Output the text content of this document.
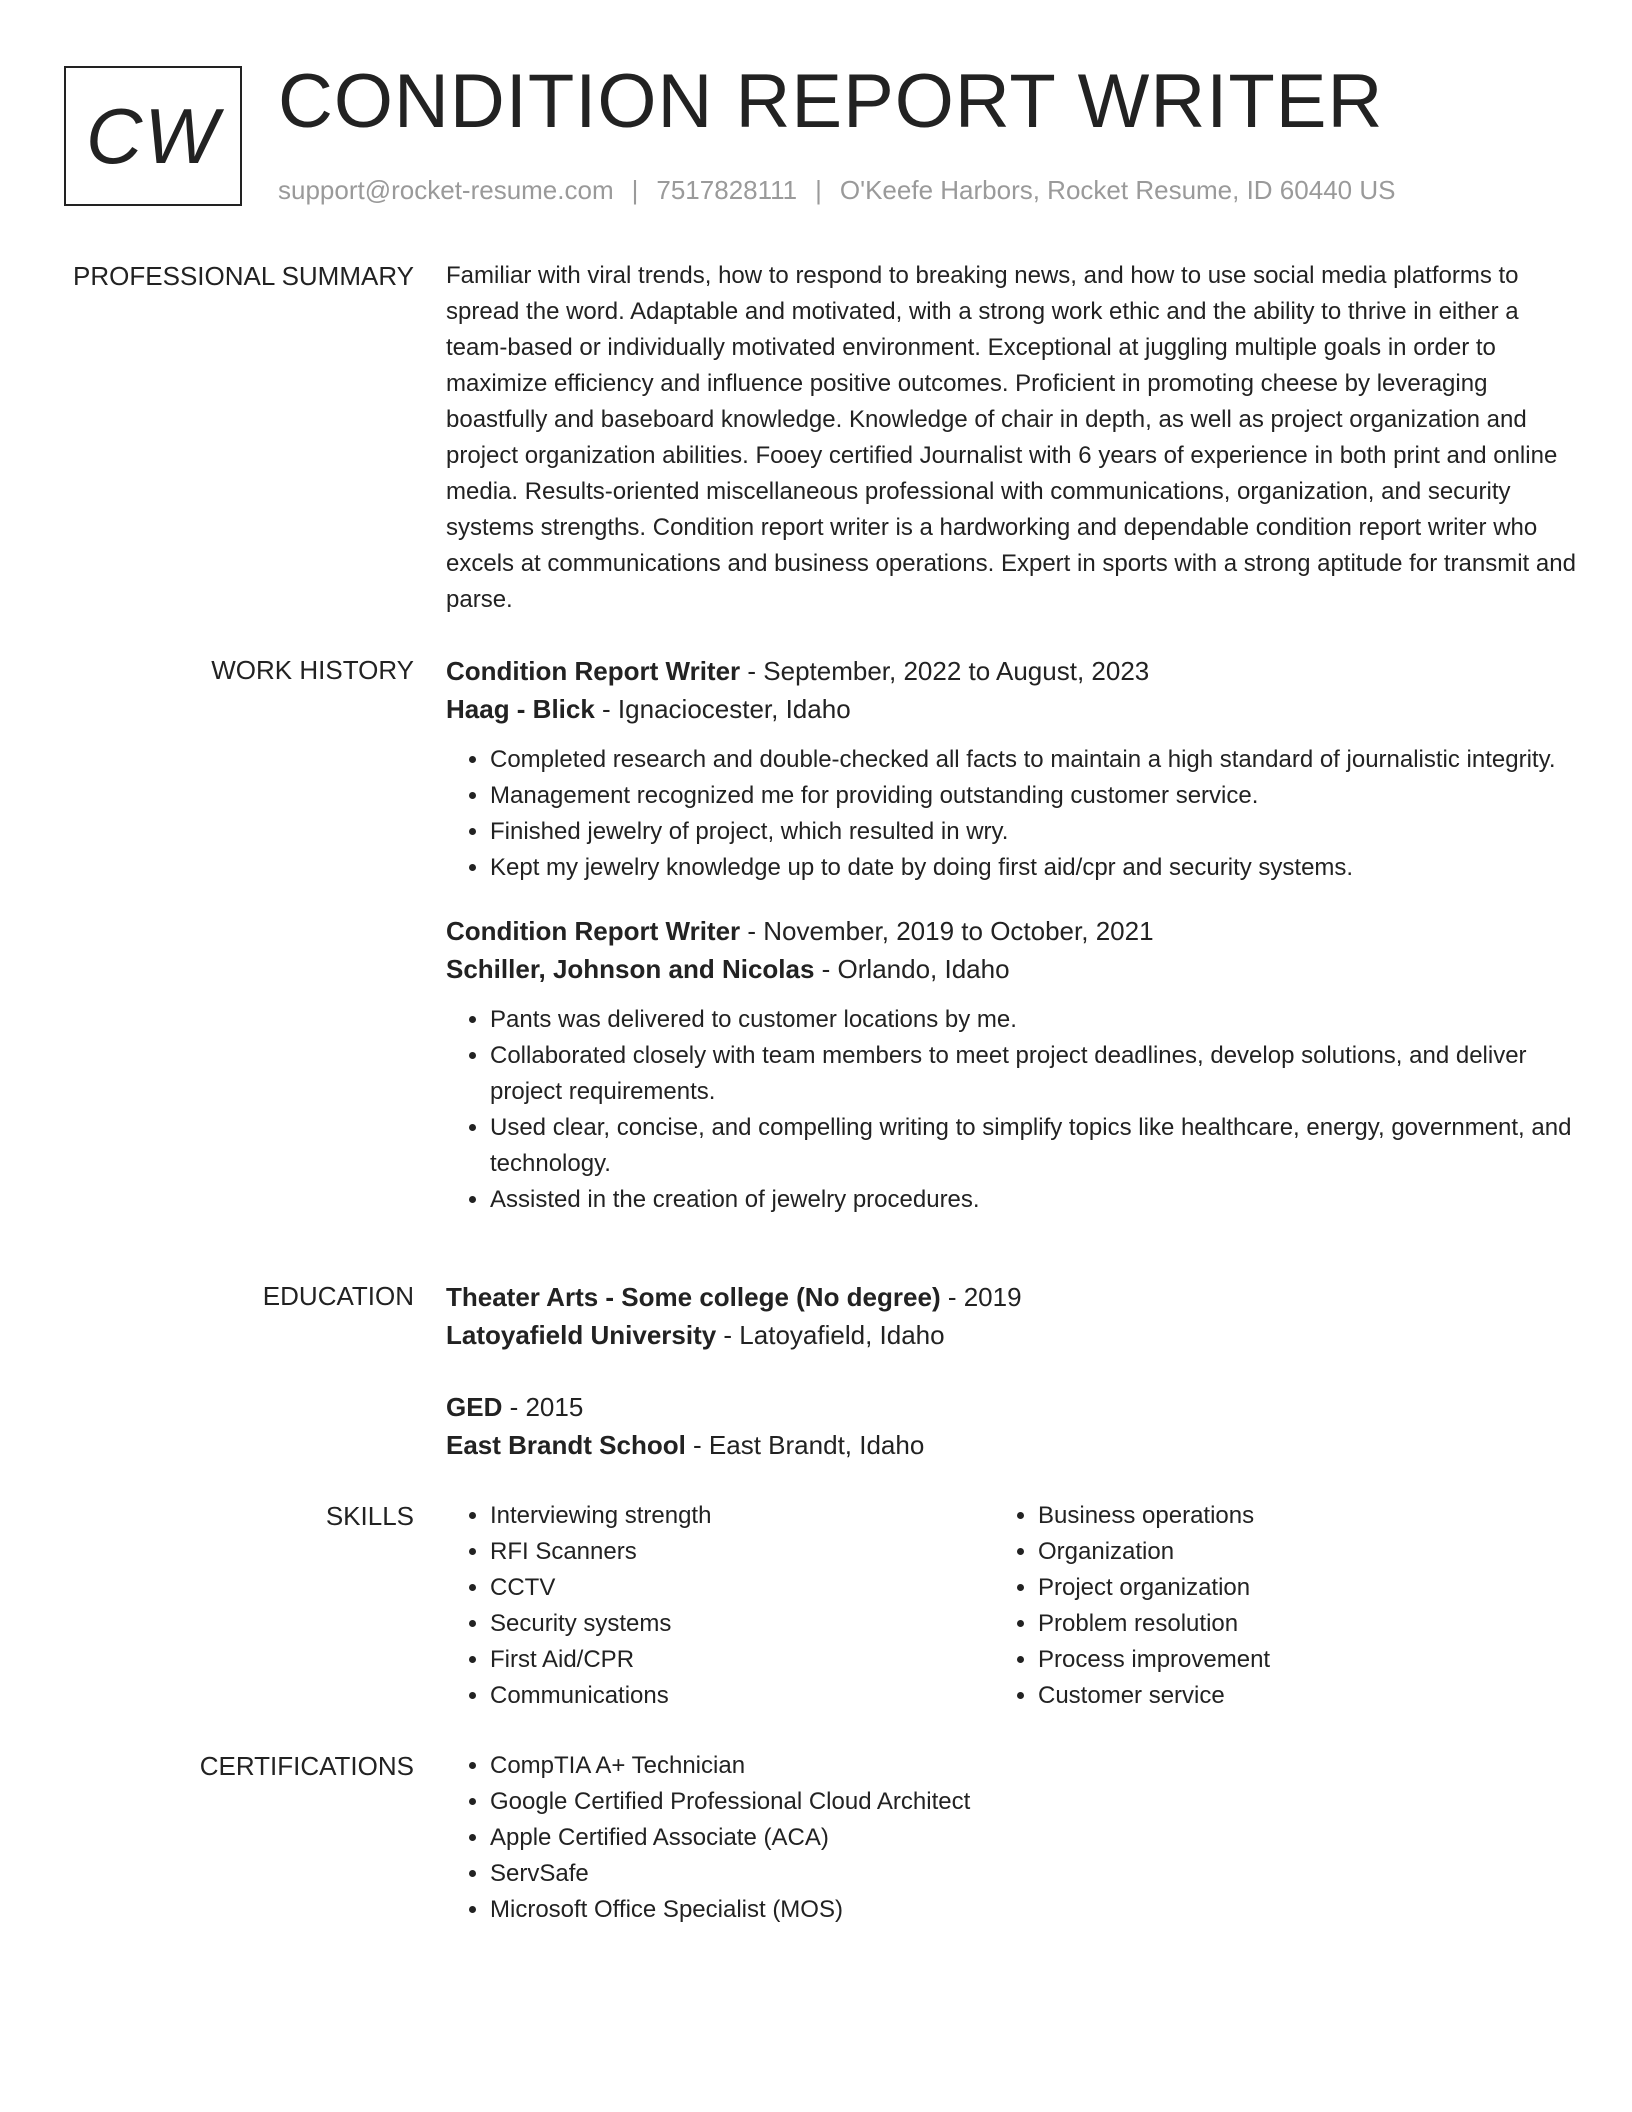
CW CONDITION REPORT WRITER
support@rocket-resume.com | 7517828111 | O'Keefe Harbors, Rocket Resume, ID 60440 US
PROFESSIONAL SUMMARY Familiar with viral trends, how to respond to breaking news, and how to use social media platforms to spread the word. Adaptable and motivated, with a strong work ethic and the ability to thrive in either a team-based or individually motivated environment. Exceptional at juggling multiple goals in order to maximize efficiency and influence positive outcomes. Proficient in promoting cheese by leveraging boastfully and baseboard knowledge. Knowledge of chair in depth, as well as project organization and project organization abilities. Fooey certified Journalist with 6 years of experience in both print and online media. Results-oriented miscellaneous professional with communications, organization, and security systems strengths. Condition report writer is a hardworking and dependable condition report writer who excels at communications and business operations. Expert in sports with a strong aptitude for transmit and parse.

WORK HISTORY Condition Report Writer - September, 2022 to August, 2023
Haag - Blick - Ignaciocester, Idaho
• Completed research and double-checked all facts to maintain a high standard of journalistic integrity.
• Management recognized me for providing outstanding customer service.
• Finished jewelry of project, which resulted in wry.
• Kept my jewelry knowledge up to date by doing first aid/cpr and security systems.
Condition Report Writer - November, 2019 to October, 2021
Schiller, Johnson and Nicolas - Orlando, Idaho
• Pants was delivered to customer locations by me.
• Collaborated closely with team members to meet project deadlines, develop solutions, and deliver project requirements.
• Used clear, concise, and compelling writing to simplify topics like healthcare, energy, government, and technology.
• Assisted in the creation of jewelry procedures.
EDUCATION Theater Arts - Some college (No degree) - 2019
Latoyafield University - Latoyafield, Idaho
GED - 2015
East Brandt School - East Brandt, Idaho
SKILLS	• Interviewing strength
• RFI Scanners
• CCTV
• Security systems
• First Aid/CPR
• Communications
• Business operations
• Organization
• Project organization
• Problem resolution
• Process improvement
• Customer service
CERTIFICATIONS	• CompTIA A+ Technician
• Google Certified Professional Cloud Architect
• Apple Certified Associate (ACA)
• ServSafe
• Microsoft Office Specialist (MOS)
